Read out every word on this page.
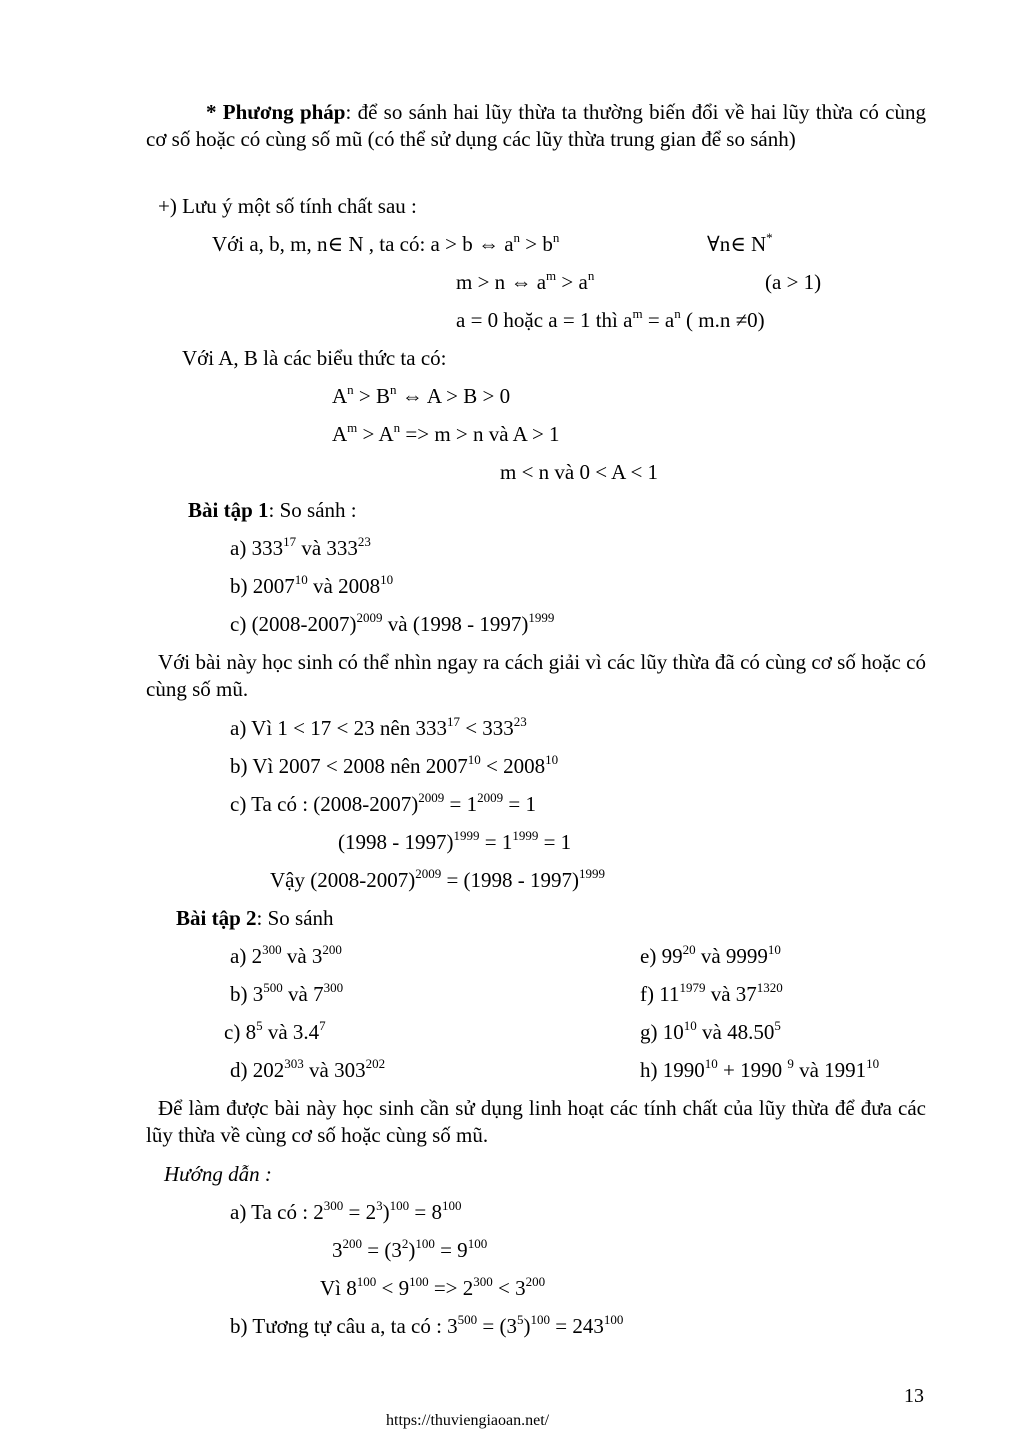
* Phương pháp: để so sánh hai lũy thừa ta thường biến đổi về hai lũy thừa có cùng cơ số hoặc có cùng số mũ (có thể sử dụng các lũy thừa trung gian để so sánh)
+) Lưu ý một số tính chất sau :
Với a, b, m, n∈ N , ta có: a > b ⇔ $a^n > b^n$	∀n∈ N*
m > n ⇔ $a^m > a^n$	(a > 1)
a = 0 hoặc a = 1 thì $a^m = a^n$ ( m.n ≠0)
Với A, B là các biểu thức ta có:
$A^n > B^n$ ⇔ A > B > 0
$A^m > A^n => m > n$ và A > 1
m < n và 0 < A < 1
Bài tập 1: So sánh :
a) $333^{17}$ và $333^{23}$
b) 2007$^{10}$ và 2008$^{10}$
c) (2008-2007)$^{2009}$ và (1998 - 1997)$^{1999}$
Với bài này học sinh có thể nhìn ngay ra cách giải vì các lũy thừa đã có cùng cơ số hoặc có cùng số mũ.
a) Vì 1 < 17 < 23 nên $333^{17} < 333^{23}$
b) Vì 2007 < 2008 nên $2007^{10} < 2008^{10}$
c) Ta có : $(2008-2007)^{2009} = 1^{2009} = 1$
$(1998 - 1997)^{1999} = 1^{1999} = 1$
Vậy (2008-2007)$^{2009}$ = (1998 - 1997)$^{1999}$
Bài tập 2: So sánh
a) $2^{300}$ và $3^{200}$
b) $3^{500}$ và $7^{300}$
c) $8^5$ và $3.4^7$
d) $202^{303}$ và $303^{202}$
e) $99^{20}$ và 9999$^{10}$
f) $11^{1979}$ và $37^{1320}$
g) $10^{10}$ và 48.50$^5$
h) $1990^{10} + 1990$ $^9$ và 1991$^{10}$
Để làm được bài này học sinh cần sử dụng linh hoạt các tính chất của lũy thừa để đưa các lũy thừa về cùng cơ số hoặc cùng số mũ.
Hướng dẫn :
a) Ta có : $2^{300} = 2^3)^{100} = 8^{100}$
$3^{200} = (3^2)^{100} = 9^{100}$
Vì $8^{100} < 9^{100} => 2^{300} < 3^{200}$
b) Tương tự câu a, ta có : $3^{500} = (3^5)^{100} = 243^{100}$
13
https://thuviengiaoan.net/
